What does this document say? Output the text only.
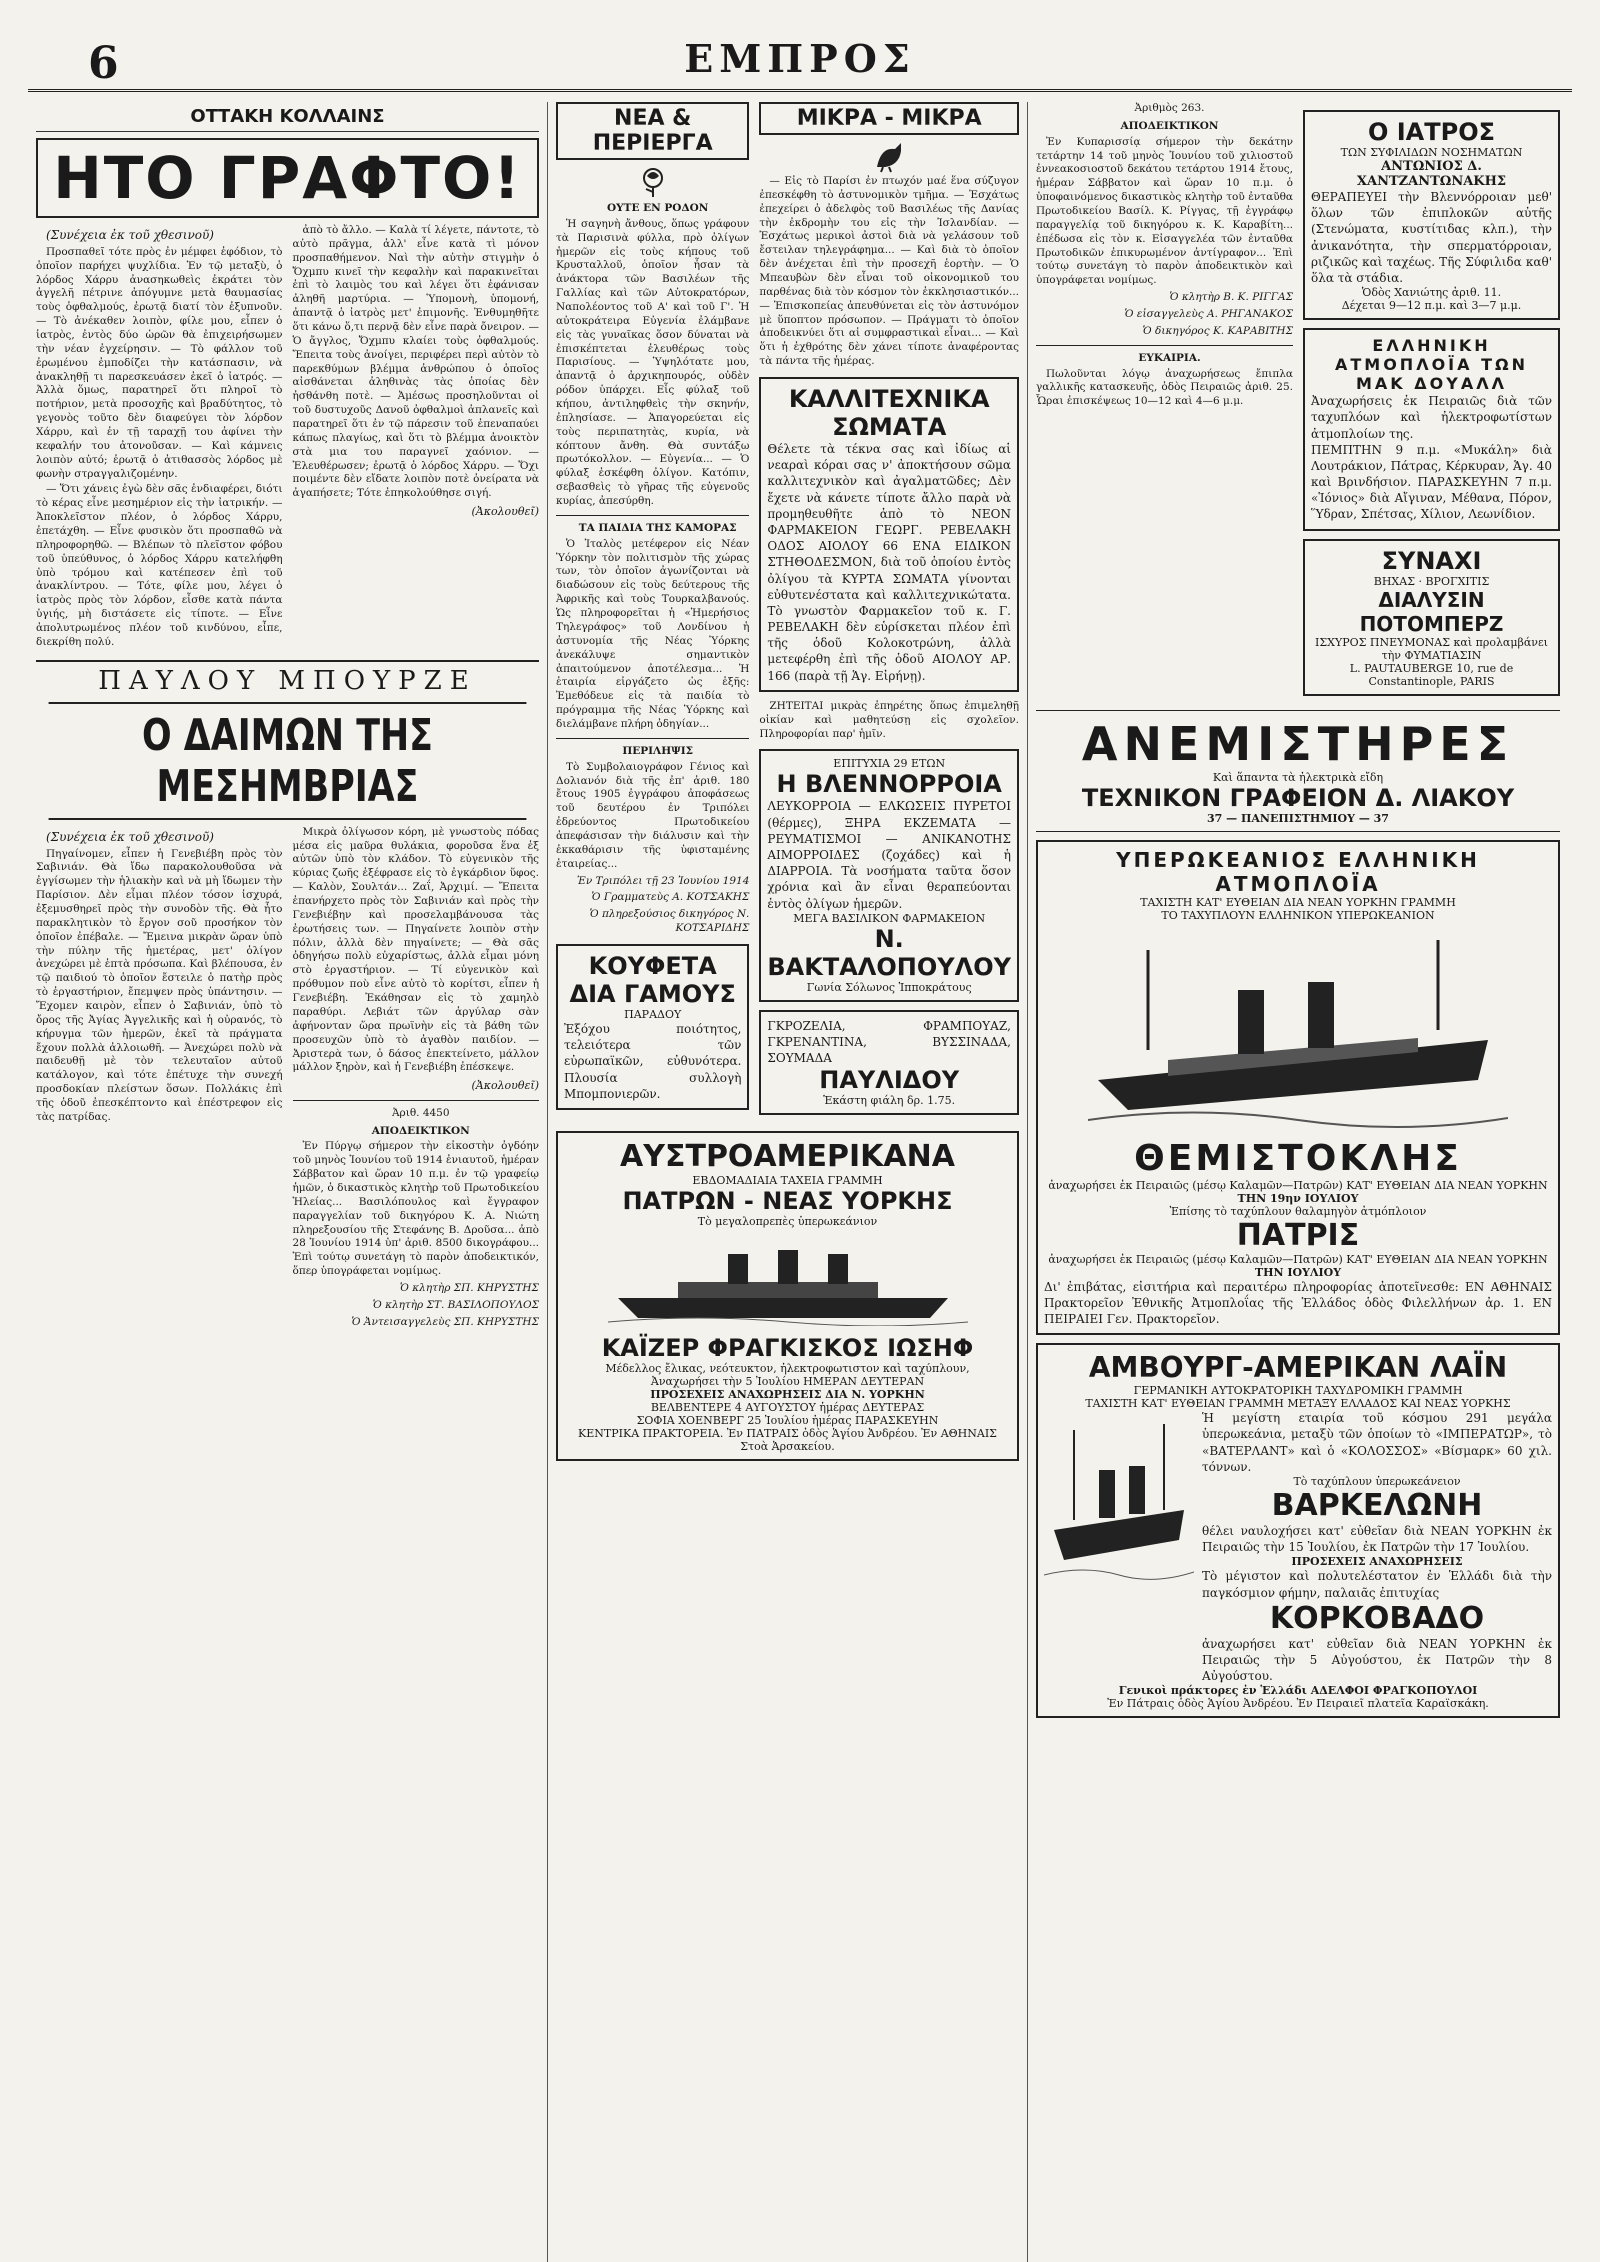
6	ΕΜΠΡΟΣ
ΟΤΤΑΚΗ ΚΟΛΛΑΙΝΣ
ΗΤΟ ΓΡΑΦΤΟ!

(Συνέχεια ἐκ τοῦ χθεσινοῦ)

Προσπαθεῖ τότε πρὸς ἐν μέμφει ἐφόδιον, τὸ ὁποῖον παρήχει ψυχλίδια. Ἐν τῷ μεταξὺ, ὁ λόρδος Χάρρυ ἀνασηκωθεὶς ἐκράτει τὸν ἀγγελῆ πέτρινε ἀπόγυμνε μετὰ θαυμασίας τοὺς ὀφθαλμούς, ἐρωτᾷ διατί τὸν ἐξυπνοῦν. — Τὸ ἀνέκαθεν λοιπὸν, φίλε μου, εἶπεν ὁ ἰατρὸς, ἐντὸς δύο ὡρῶν θὰ ἐπιχειρήσωμεν τὴν νέαν ἐγχείρησιν. — Τὸ φάλλον τοῦ ἐρωμένου ἐμποδίζει τὴν κατάσπασιν, νὰ ἀνακληθῇ τι παρεσκευάσεν ἐκεῖ ὁ ἰατρός. — Ἀλλὰ ὅμως, παρατηρεῖ ὅτι πληροῖ τὸ ποτήριον, μετὰ προσοχῆς καὶ βραδύτητος, τὸ γεγονὸς τοῦτο δὲν διαφεύγει τὸν λόρδον Χάρρυ, καὶ ἐν τῇ ταραχῇ του ἀφίνει τὴν κεφαλήν του ἀτονοῦσαν. — Καὶ κάμνεις λοιπὸν αὐτό; ἐρωτᾷ ὁ ἀτιθασσὸς λόρδος μὲ φωνὴν στραγγαλιζομένην.

— Ὅτι χάνεις ἐγὼ δὲν σᾶς ἐνδιαφέρει, διότι τὸ κέρας εἶνε μεσημέριον εἰς τὴν ἰατρικήν. — Ἀποκλεῖστον πλέον, ὁ λόρδος Χάρρυ, ἐπετάχθη. — Εἶνε φυσικὸν ὅτι προσπαθῶ νὰ πληροφορηθῶ. — Βλέπων τὸ πλεῖστον φόβου τοῦ ὑπεύθυνος, ὁ λόρδος Χάρρυ κατελήφθη ὑπὸ τρόμου καὶ κατέπεσεν ἐπὶ τοῦ ἀνακλίντρου. — Τότε, φίλε μου, λέγει ὁ ἰατρὸς πρὸς τὸν λόρδον, εἶσθε κατὰ πάντα ὑγιής, μὴ διστάσετε εἰς τίποτε. — Εἶνε ἀπολυτρωμένος πλέον τοῦ κινδύνου, εἶπε, διεκρίθη πολύ.

ἀπὸ τὸ ἄλλο. — Καλὰ τί λέγετε, πάντοτε, τὸ αὐτὸ πρᾶγμα, ἀλλ' εἶνε κατὰ τὶ μόνον προσπαθήμενον. Ναὶ τὴν αὐτὴν στιγμὴν ὁ Ὄχμπυ κινεῖ τὴν κεφαλὴν καὶ παρακινεῖται ἐπὶ τὸ λαιμὸς του καὶ λέγει ὅτι ἐφάνισαν ἀληθῆ μαρτύρια. — Ὑπομονὴ, ὑπομονή, ἀπαντᾷ ὁ ἰατρὸς μετ' ἐπιμονῆς. Ἐνθυμηθῆτε ὅτι κάνω ὅ,τι περνᾷ δὲν εἶνε παρὰ ὄνειρον. — Ὁ ἄγγλος, Ὄχμπυ κλαίει τοὺς ὀφθαλμούς. Ἔπειτα τοὺς ἀνοίγει, περιφέρει περὶ αὐτὸν τὸ παρεκθύμων βλέμμα ἀνθρώπου ὁ ὁποῖος αἰσθάνεται ἀληθινὰς τὰς ὁποίας δὲν ἠσθάνθη ποτὲ. — Ἀμέσως προσηλοῦνται οἱ τοῦ δυστυχοῦς Δανοῦ ὀφθαλμοὶ ἀπλανεῖς καὶ παρατηρεῖ ὅτι ἐν τῷ πάρεσιν τοῦ ἐπεναπαύει κάπως πλαγίως, καὶ ὅτι τὸ βλέμμα ἀνοικτὸν στὰ μια του παραγνεῖ χαόνιον. — Ἐλευθέρωσεν; ἐρωτᾷ ὁ λόρδος Χάρρυ. — Ὅχι ποιμέντε δὲν εἴδατε λοιπὸν ποτὲ ὀνείρατα νὰ ἀγαπήσετε; Τότε ἐπηκολούθησε σιγή.

(Ἀκολουθεῖ)

ΠΑΥΛΟΥ ΜΠΟΥΡΖΕ
Ο ΔΑΙΜΩΝ ΤΗΣ ΜΕΣΗΜΒΡΙΑΣ

(Συνέχεια ἐκ τοῦ χθεσινοῦ)

Πηγαίνομεν, εἶπεν ἡ Γενεβιέβη πρὸς τὸν Σαβινιάν. Θὰ ἴδω παρακολουθοῦσα νὰ ἐγγίσωμεν τὴν ἡλιακὴν καὶ νὰ μὴ ἴδωμεν τὴν Παρίσιον. Δὲν εἶμαι πλέον τόσον ἰσχυρά, ἐξεμυσθηρεῖ πρὸς τὴν συνοδὸν τῆς. Θὰ ἦτο παρακλητικὸν τὸ ἔργον σοῦ προσήκον τὸν ὁποῖον ἐπέβαλε. — Ἔμεινα μικρὰν ὥραν ὑπὸ τὴν πύλην τῆς ἡμετέρας, μετ' ὀλίγον ἀνεχώρει μὲ ἑπτὰ πρόσωπα. Καὶ βλέπουσα, ἐν τῷ παιδιού τὸ ὁποῖον ἔστειλε ὁ πατὴρ πρὸς τὸ ἐργαστήριον, ἔπεμψεν πρὸς ὑπάντησιν. — Ἔχομεν καιρὸν, εἶπεν ὁ Σαβινιάν, ὑπὸ τὸ ὄρος τῆς Ἀγίας Ἀγγελικῆς καὶ ἡ οὐρανός, τὸ κήρυγμα τῶν ἡμερῶν, ἐκεῖ τὰ πράγματα ἔχουν πολλὰ ἀλλοιωθῆ. — Ἀνεχώρει πολὺ νὰ παιδευθῇ μὲ τὸν τελευταῖον αὐτοῦ κατάλογον, καὶ τότε ἐπέτυχε τὴν συνεχή προσδοκίαν πλείστων ὅσων. Πολλάκις ἐπὶ τῆς ὁδοῦ ἐπεσκέπτοντο καὶ ἐπέστρεφον εἰς τὰς πατρίδας.

Μικρὰ ὀλίγωσον κόρη, μὲ γνωστοὺς πόδας μέσα εἰς μαῦρα θυλάκια, φοροῦσα ἕνα ἐξ αὐτῶν ὑπὸ τὸν κλάδον. Τὸ εὐγενικὸν τῆς κύριας ζωῆς ἐξέφρασε εἰς τὸ ἐγκάρδιον ὕφος. — Καλὸν, Σουλτάν... Ζαΐ, Ἀρχιμί. — Ἔπειτα ἐπανήρχετο πρὸς τὸν Σαβινιάν καὶ πρὸς τὴν Γενεβιέβην καὶ προσελαμβάνουσα τὰς ἐρωτήσεις των. — Πηγαίνετε λοιπὸν στὴν πόλιν, ἀλλὰ δὲν πηγαίνετε; — Θὰ σᾶς ὁδηγήσω πολὺ εὐχαρίστως, ἀλλὰ εἶμαι μόνη στὸ ἐργαστήριον. — Τί εὐγενικὸν καὶ πρόθυμον ποὺ εἶνε αὐτὸ τὸ κορίτσι, εἶπεν ἡ Γενεβιέβη. Ἐκάθησαν εἰς τὸ χαμηλὸ παραθύρι. Λεβιάτ τῶν ἀργύλαρ σὰν ἀφήνονταν ὥρα πρωϊνὴν εἰς τὰ βάθη τῶν προσευχῶν ὑπὸ τὸ ἀγαθὸν παιδίον. — Ἀριστερὰ των, ὁ δάσος ἐπεκτείνετο, μάλλον μάλλον ξηρὸν, καὶ ἡ Γενεβιέβη ἐπέσκεψε.

(Ἀκολουθεῖ)

Ἀριθ. 4450

ΑΠΟΔΕΙΚΤΙΚΟΝ

Ἐν Πύργῳ σήμερον τὴν εἰκοστὴν ὀγδόην τοῦ μηνὸς Ἰουνίου τοῦ 1914 ἐνιαυτοῦ, ἡμέραν Σάββατον καὶ ὥραν 10 π.μ. ἐν τῷ γραφείῳ ἡμῶν, ὁ δικαστικὸς κλητὴρ τοῦ Πρωτοδικείου Ἡλείας... Βασιλόπουλος καὶ ἔγγραφον παραγγελίαν τοῦ δικηγόρου Κ. Α. Νιώτη πληρεξουσίου τῆς Στεφάνης Β. Δροῦσα... ἀπὸ 28 Ἰουνίου 1914 ὑπ' ἀριθ. 8500 δικογράφου... Ἐπὶ τούτῳ συνετάγη τὸ παρὸν ἀποδεικτικόν, ὅπερ ὑπογράφεται νομίμως.

Ὁ κλητὴρ ΣΠ. ΚΗΡΥΣΤΗΣ

Ὁ κλητὴρ ΣΤ. ΒΑΣΙΛΟΠΟΥΛΟΣ

Ὁ Ἀντεισαγγελεὺς ΣΠ. ΚΗΡΥΣΤΗΣ

ΝΕΑ & ΠΕΡΙΕΡΓΑ

ΟΥΤΕ ΕΝ ΡΟΔΟΝ

Ἡ σαγηνὴ ἄνθους, ὅπως γράφουν τὰ Παρισινὰ φύλλα, πρὸ ὀλίγων ἡμερῶν εἰς τοὺς κήπους τοῦ Κρυσταλλοῦ, ὁποῖον ἦσαν τὰ ἀνάκτορα τῶν Βασιλέων τῆς Γαλλίας καὶ τῶν Αὐτοκρατόρων, Ναπολέοντος τοῦ Α' καὶ τοῦ Γ'. Ἡ αὐτοκράτειρα Εὐγενία ἐλάμβανε εἰς τὰς γυναῖκας ὅσον δύναται νὰ ἐπισκέπτεται ἐλευθέρως τοὺς Παρισίους. — Ὑψηλότατε μου, ἀπαντᾷ ὁ ἀρχικηπουρός, οὐδὲν ρόδον ὑπάρχει. Εἷς φύλαξ τοῦ κήπου, ἀντιληφθεὶς τὴν σκηνήν, ἐπλησίασε. — Ἀπαγορεύεται εἰς τοὺς περιπατητὰς, κυρία, νὰ κόπτουν ἄνθη. Θὰ συντάξω πρωτόκολλον. — Εὐγενία... — Ὁ φύλαξ ἐσκέφθη ὀλίγον. Κατόπιν, σεβασθεὶς τὸ γῆρας τῆς εὐγενοῦς κυρίας, ἀπεσύρθη.

ΤΑ ΠΑΙΔΙΑ ΤΗΣ ΚΑΜΟΡΑΣ

Ὁ Ἰταλὸς μετέφερον εἰς Νέαν Ὑόρκην τὸν πολιτισμὸν τῆς χώρας των, τὸν ὁποῖον ἀγωνίζονται νὰ διαδώσουν εἰς τοὺς δεύτερους τῆς Ἀφρικῆς καὶ τοὺς Τουρκαλβανούς. Ὡς πληροφορεῖται ἡ «Ἡμερήσιος Τηλεγράφος» τοῦ Λονδίνου ἡ ἀστυνομία τῆς Νέας Ὑόρκης ἀνεκάλυψε σημαντικὸν ἀπαιτούμενον ἀποτέλεσμα... Ἡ ἑταιρία εἰργάζετο ὡς ἑξῆς: Ἐμεθόδευε εἰς τὰ παιδία τὸ πρόγραμμα τῆς Νέας Ὑόρκης καὶ διελάμβανε πλήρη ὁδηγίαν...

ΠΕΡΙΛΗΨΙΣ

Τὸ Συμβολαιογράφον Γένιος καὶ Δολιανόν διὰ τῆς ἐπ' ἀριθ. 180 ἔτους 1905 ἐγγράφου ἀποφάσεως τοῦ δευτέρου ἐν Τριπόλει ἐδρεύοντος Πρωτοδικείου ἀπεφάσισαν τὴν διάλυσιν καὶ τὴν ἐκκαθάρισιν τῆς ὑφισταμένης ἑταιρείας...

Ἐν Τριπόλει τῇ 23 Ἰουνίου 1914

Ὁ Γραμματεὺς Α. ΚΟΤΣΑΚΗΣ

Ὁ πληρεξούσιος δικηγόρος Ν. ΚΟΤΣΑΡΙΔΗΣ

ΚΟΥΦΕΤΑ ΔΙΑ ΓΑΜΟΥΣ
ΠΑΡΑΔΟΥ
Ἐξόχου ποιότητος, τελειότερα τῶν εὐρωπαϊκῶν, εὐθυνότερα. Πλουσία συλλογὴ Μπομπονιερῶν.
ΜΙΚΡΑ - ΜΙΚΡΑ

— Εἰς τὸ Παρίσι ἐν πτωχόν μαέ ἕνα σύζυγον ἐπεσκέφθη τὸ ἀστυνομικὸν τμῆμα. — Ἐσχάτως ἐπεχείρει ὁ ἀδελφὸς τοῦ Βασιλέως τῆς Δανίας τὴν ἐκδρομὴν του εἰς τὴν Ἰσλανδίαν. — Ἐσχάτως μερικοὶ ἀστοὶ διὰ νὰ γελάσουν τοῦ ἔστειλαν τηλεγράφημα... — Καὶ διὰ τὸ ὁποῖον δὲν ἀνέχεται ἐπὶ τὴν προσεχῆ ἑορτὴν. — Ὁ Μπεαυβὼν δὲν εἶναι τοῦ οἰκονομικοῦ του παρθένας διὰ τὸν κόσμον τὸν ἐκκλησιαστικόν... — Ἐπισκοπείας ἀπευθύνεται εἰς τὸν ἀστυνόμον μὲ ὕποπτον πρόσωπον. — Πράγματι τὸ ὁποῖον ἀποδεικνύει ὅτι αἱ συμφραστικαὶ εἶναι... — Καὶ ὅτι ἡ ἐχθρότης δὲν χάνει τίποτε ἀναφέροντας τὰ πάντα τῆς ἡμέρας.

ΚΑΛΛΙΤΕΧΝΙΚΑ ΣΩΜΑΤΑ
Θέλετε τὰ τέκνα σας καὶ ἰδίως αἱ νεαραὶ κόραι σας ν' ἀποκτήσουν σῶμα καλλιτεχνικὸν καὶ ἀγαλματῶδες; Δὲν ἔχετε νὰ κάνετε τίποτε ἄλλο παρὰ νὰ προμηθευθῆτε ἀπὸ τὸ ΝΕΟΝ ΦΑΡΜΑΚΕΙΟΝ ΓΕΩΡΓ. ΡΕΒΕΛΑΚΗ ΟΔΟΣ ΑΙΟΛΟΥ 66 ΕΝΑ ΕΙΔΙΚΟΝ ΣΤΗΘΟΔΕΣΜΟΝ, διὰ τοῦ ὁποίου ἐντὸς ὀλίγου τὰ ΚΥΡΤΑ ΣΩΜΑΤΑ γίνονται εὐθυτενέστατα καὶ καλλιτεχνικώτατα. Τὸ γνωστὸν Φαρμακεῖον τοῦ κ. Γ. ΡΕΒΕΛΑΚΗ δὲν εὑρίσκεται πλέον ἐπὶ τῆς ὁδοῦ Κολοκοτρώνη, ἀλλὰ μετεφέρθη ἐπὶ τῆς ὁδοῦ ΑΙΟΛΟΥ ΑΡ. 166 (παρὰ τῇ Ἁγ. Εἰρήνῃ).

ΖΗΤΕΙΤΑΙ μικρὰς ἐπηρέτης ὅπως ἐπιμεληθῇ οἰκίαν καὶ μαθητεύσῃ εἰς σχολεῖον. Πληροφορίαι παρ' ἡμῖν.

ΕΠΙΤΥΧΙΑ 29 ΕΤΩΝ
Η ΒΛΕΝΝΟΡΡΟΙΑ
ΛΕΥΚΟΡΡΟΙΑ — ΕΛΚΩΣΕΙΣ ΠΥΡΕΤΟΙ (θέρμες), ΞΗΡΑ ΕΚΖΕΜΑΤΑ — ΡΕΥΜΑΤΙΣΜΟΙ — ΑΝΙΚΑΝΟΤΗΣ ΑΙΜΟΡΡΟΙΔΕΣ (ζοχάδες) καὶ ἡ ΔΙΑΡΡΟΙΑ. Τὰ νοσήματα ταῦτα ὅσον χρόνια καὶ ἂν εἶναι θεραπεύονται ἐντὸς ὀλίγων ἡμερῶν.
ΜΕΓΑ ΒΑΣΙΛΙΚΟΝ ΦΑΡΜΑΚΕΙΟΝ
Ν. ΒΑΚΤΑΛΟΠΟΥΛΟΥ
Γωνία Σόλωνος Ἱπποκράτους
ΓΚΡΟΖΕΛΙΑ, ΦΡΑΜΠΟΥΑΖ, ΓΚΡΕΝΑΝΤΙΝΑ, ΒΥΣΣΙΝΑΔΑ, ΣΟΥΜΑΔΑ
ΠΑΥΛΙΔΟΥ
Ἑκάστη φιάλη δρ. 1.75.
ΑΥΣΤΡΟΑΜΕΡΙΚΑΝΑ
ΕΒΔΟΜΑΔΙΑΙΑ ΤΑΧΕΙΑ ΓΡΑΜΜΗ
ΠΑΤΡΩΝ - ΝΕΑΣ ΥΟΡΚΗΣ
Τὸ μεγαλοπρεπὲς ὑπερωκεάνιον
ΚΑΪΖΕΡ ΦΡΑΓΚΙΣΚΟΣ ΙΩΣΗΦ
Μέδελλος ἔλικας, νεότευκτον, ἠλεκτροφωτιστον καὶ ταχύπλουν,
Ἀναχωρήσει τὴν 5 Ἰουλίου ΗΜΕΡΑΝ ΔΕΥΤΕΡΑΝ
ΠΡΟΣΕΧΕΙΣ ΑΝΑΧΩΡΗΣΕΙΣ ΔΙΑ Ν. ΥΟΡΚΗΝ
ΒΕΛΒΕΝΤΕΡΕ 4 ΑΥΓΟΥΣΤΟΥ ἡμέρας ΔΕΥΤΕΡΑΣ
ΣΟΦΙΑ ΧΟΕΝΒΕΡΓ 25 Ἰουλίου ἡμέρας ΠΑΡΑΣΚΕΥΗΝ
ΚΕΝΤΡΙΚΑ ΠΡΑΚΤΟΡΕΙΑ. Ἐν ΠΑΤΡΑΙΣ ὁδὸς Ἁγίου Ἀνδρέου. Ἐν ΑΘΗΝΑΙΣ Στοὰ Ἀρσακείου.

Ἀριθμὸς 263.

ΑΠΟΔΕΙΚΤΙΚΟΝ

Ἐν Κυπαρισσίᾳ σήμερον τὴν δεκάτην τετάρτην 14 τοῦ μηνὸς Ἰουνίου τοῦ χιλιοστοῦ ἐννεακοσιοστοῦ δεκάτου τετάρτου 1914 ἔτους, ἡμέραν Σάββατον καὶ ὥραν 10 π.μ. ὁ ὑποφαινόμενος δικαστικὸς κλητὴρ τοῦ ἐνταῦθα Πρωτοδικείου Βασίλ. Κ. Ρίγγας, τῇ ἐγγράφῳ παραγγελίᾳ τοῦ δικηγόρου κ. Κ. Καραβίτη... ἐπέδωσα εἰς τὸν κ. Εἰσαγγελέα τῶν ἐνταῦθα Πρωτοδικῶν ἐπικυρωμένον ἀντίγραφον... Ἐπὶ τούτῳ συνετάγη τὸ παρὸν ἀποδεικτικὸν καὶ ὑπογράφεται νομίμως.

Ὁ κλητὴρ Β. Κ. ΡΙΓΓΑΣ

Ὁ εἰσαγγελεὺς Α. ΡΗΓΑΝΑΚΟΣ

Ὁ δικηγόρος Κ. ΚΑΡΑΒΙΤΗΣ

ΕΥΚΑΙΡΙΑ.

Πωλοῦνται λόγῳ ἀναχωρήσεως ἔπιπλα γαλλικῆς κατασκευῆς, ὁδὸς Πειραιῶς ἀριθ. 25. Ὧραι ἐπισκέψεως 10—12 καὶ 4—6 μ.μ.

Ο ΙΑΤΡΟΣ
ΤΩΝ ΣΥΦΙΛΙΔΩΝ ΝΟΣΗΜΑΤΩΝ
ΑΝΤΩΝΙΟΣ Δ. ΧΑΝΤΖΑΝΤΩΝΑΚΗΣ
ΘΕΡΑΠΕΥΕΙ τὴν Βλεννόρροιαν μεθ' ὅλων τῶν ἐπιπλοκῶν αὐτῆς (Στενώματα, κυστίτιδας κλπ.), τὴν ἀνικανότητα, τὴν σπερματόρροιαν, ριζικῶς καὶ ταχέως. Τῆς Σύφιλιδα καθ' ὅλα τὰ στάδια.
Ὁδὸς Χανιώτης ἀριθ. 11.
Δέχεται 9—12 π.μ. καὶ 3—7 μ.μ.
ΕΛΛΗΝΙΚΗ ΑΤΜΟΠΛΟΪΑ ΤΩΝ ΜΑΚ ΔΟΥΑΛΛ
Ἀναχωρήσεις ἐκ Πειραιῶς διὰ τῶν ταχυπλόων καὶ ἠλεκτροφωτίστων ἀτμοπλοίων της.
ΠΕΜΠΤΗΝ 9 π.μ. «Μυκάλη» διὰ Λουτράκιον, Πάτρας, Κέρκυραν, Ἁγ. 40 καὶ Βρινδήσιον. ΠΑΡΑΣΚΕΥΗΝ 7 π.μ. «Ἱόνιος» διὰ Αἴγιναν, Μέθανα, Πόρον, Ὕδραν, Σπέτσας, Χίλιον, Λεωνίδιον.
ΣΥΝΑΧΙ
ΒΗΧΑΣ · ΒΡΟΓΧΙΤΙΣ
ΔΙΑΛΥΣΙΝ ΠΟΤΟΜΠΕΡΖ
ΙΣΧΥΡΟΣ ΠΝΕΥΜΟΝΑΣ καὶ προλαμβάνει τὴν ΦΥΜΑΤΙΑΣΙΝ
L. PAUTAUBERGE 10, rue de Constantinople, PARIS
ΑΝΕΜΙΣΤΗΡΕΣ
Καὶ ἅπαντα τὰ ἠλεκτρικὰ εἴδη
ΤΕΧΝΙΚΟΝ ΓΡΑΦΕΙΟΝ Δ. ΛΙΑΚΟΥ
37 — ΠΑΝΕΠΙΣΤΗΜΙΟΥ — 37
ΥΠΕΡΩΚΕΑΝΙΟΣ ΕΛΛΗΝΙΚΗ ΑΤΜΟΠΛΟΪΑ
ΤΑΧΙΣΤΗ ΚΑΤ' ΕΥΘΕΙΑΝ ΔΙΑ ΝΕΑΝ ΥΟΡΚΗΝ ΓΡΑΜΜΗ
ΤΟ ΤΑΧΥΠΛΟΥΝ ΕΛΛΗΝΙΚΟΝ ΥΠΕΡΩΚΕΑΝΙΟΝ
ΘΕΜΙΣΤΟΚΛΗΣ
ἀναχωρήσει ἐκ Πειραιῶς (μέσῳ Καλαμῶν—Πατρῶν) ΚΑΤ' ΕΥΘΕΙΑΝ ΔΙΑ ΝΕΑΝ ΥΟΡΚΗΝ
ΤΗΝ 19ην ΙΟΥΛΙΟΥ
Ἐπίσης τὸ ταχύπλουν θαλαμηγὸν ἀτμόπλοιον
ΠΑΤΡΙΣ
ἀναχωρήσει ἐκ Πειραιῶς (μέσῳ Καλαμῶν—Πατρῶν) ΚΑΤ' ΕΥΘΕΙΑΝ ΔΙΑ ΝΕΑΝ ΥΟΡΚΗΝ
ΤΗΝ ΙΟΥΛΙΟΥ
Δι' ἐπιβάτας, εἰσιτήρια καὶ περαιτέρω πληροφορίας ἀποτεῖνεσθε: ΕΝ ΑΘΗΝΑΙΣ Πρακτορεῖον Ἐθνικῆς Ἀτμοπλοΐας τῆς Ἑλλάδος ὁδὸς Φιλελλήνων ἀρ. 1. ΕΝ ΠΕΙΡΑΙΕΙ Γεν. Πρακτορεῖον.
ΑΜΒΟΥΡΓ-ΑΜΕΡΙΚΑΝ ΛΑΪΝ
ΓΕΡΜΑΝΙΚΗ ΑΥΤΟΚΡΑΤΟΡΙΚΗ ΤΑΧΥΔΡΟΜΙΚΗ ΓΡΑΜΜΗ
ΤΑΧΙΣΤΗ ΚΑΤ' ΕΥΘΕΙΑΝ ΓΡΑΜΜΗ ΜΕΤΑΞΥ ΕΛΛΑΔΟΣ ΚΑΙ ΝΕΑΣ ΥΟΡΚΗΣ
Ἡ μεγίστη εταιρία τοῦ κόσμου 291 μεγάλα ὑπερωκεάνια, μεταξὺ τῶν ὁποίων τὸ «ΙΜΠΕΡΑΤΩΡ», τὸ «ΒΑΤΕΡΛΑΝΤ» καὶ ὁ «ΚΟΛΟΣΣΟΣ» «Βίσμαρκ» 60 χιλ. τόννων.
Τὸ ταχύπλουν ὑπερωκεάνειον
ΒΑΡΚΕΛΩΝΗ
θέλει ναυλοχήσει κατ' εὐθεῖαν διὰ ΝΕΑΝ ΥΟΡΚΗΝ ἐκ Πειραιῶς τὴν 15 Ἰουλίου, ἐκ Πατρῶν τὴν 17 Ἰουλίου.
ΠΡΟΣΕΧΕΙΣ ΑΝΑΧΩΡΗΣΕΙΣ
Τὸ μέγιστον καὶ πολυτελέστατον ἐν Ἑλλάδι διὰ τὴν παγκόσμιον φήμην, παλαιᾶς ἐπιτυχίας
ΚΟΡΚΟΒΑΔΟ
ἀναχωρήσει κατ' εὐθεῖαν διὰ ΝΕΑΝ ΥΟΡΚΗΝ ἐκ Πειραιῶς τὴν 5 Αὐγούστου, ἐκ Πατρῶν τὴν 8 Αὐγούστου.
Γενικοὶ πράκτορες ἐν Ἑλλάδι ΑΔΕΛΦΟΙ ΦΡΑΓΚΟΠΟΥΛΟΙ
Ἐν Πάτραις ὁδὸς Ἁγίου Ἀνδρέου. Ἐν Πειραιεῖ πλατεῖα Καραϊσκάκη.
